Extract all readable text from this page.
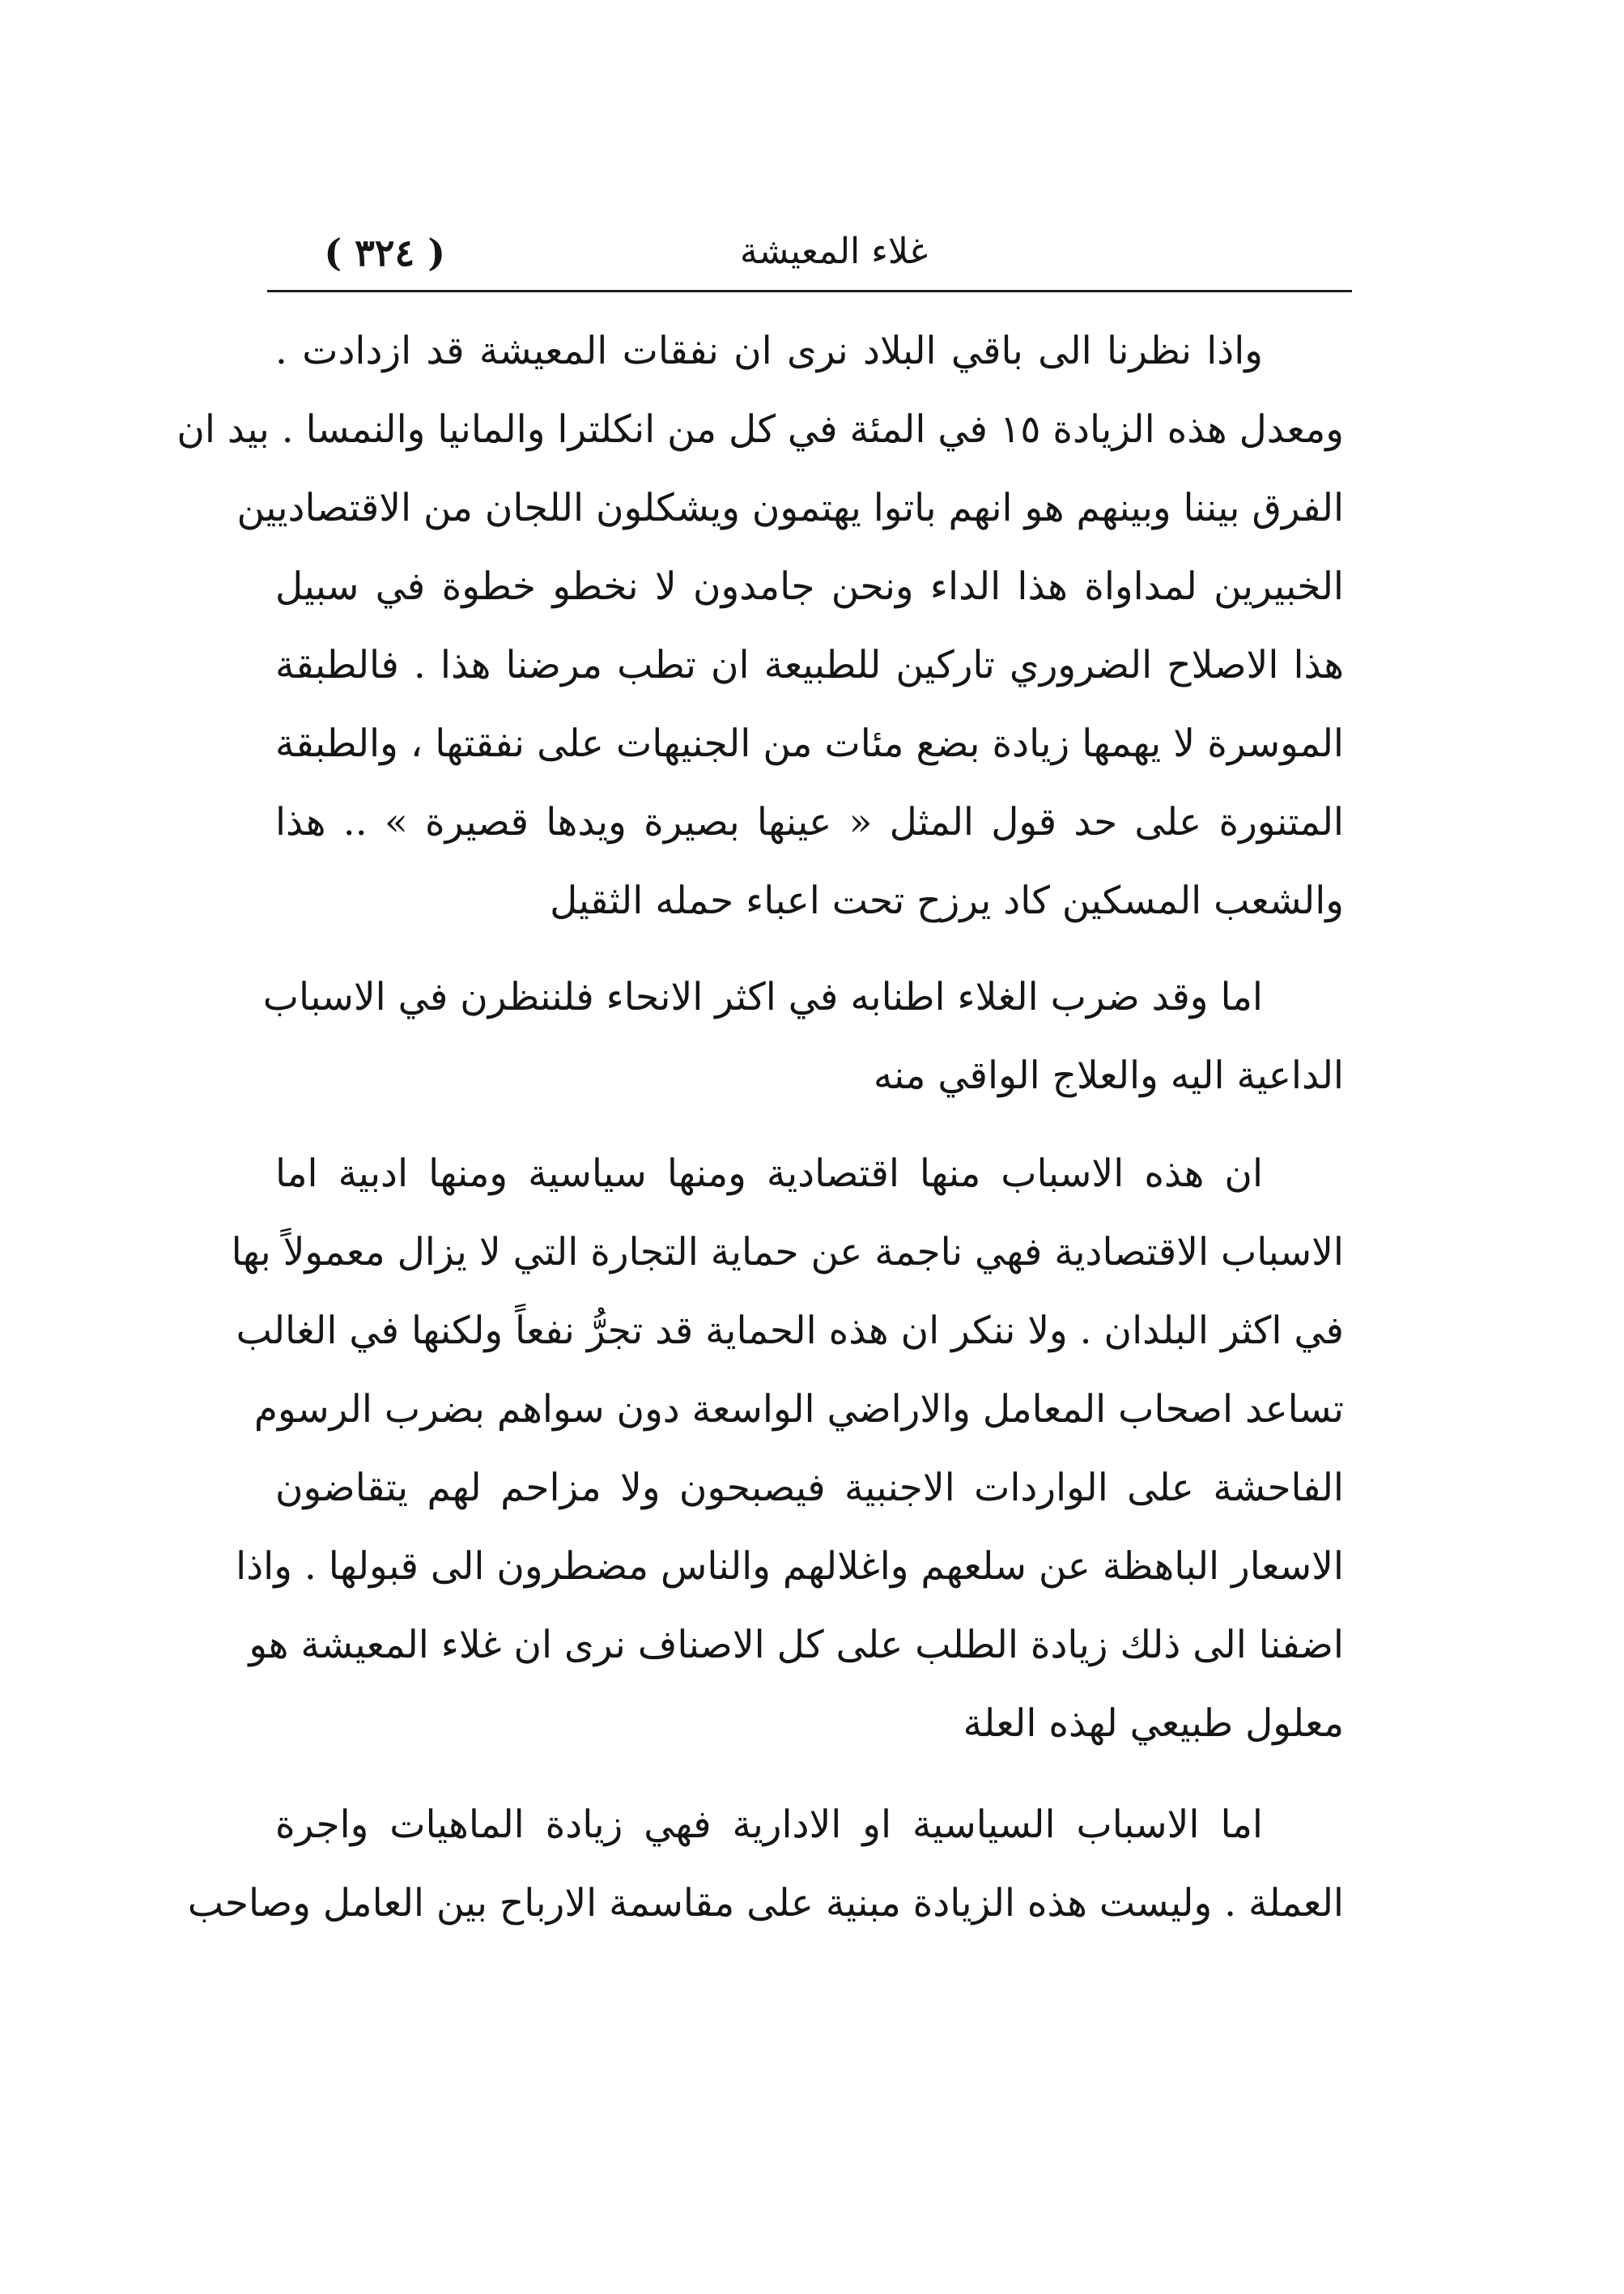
غلاء المعيشة
( ٣٢٤ )
واذا نظرنا الى باقي البلاد نرى ان نفقات المعيشة قد ازدادت .
ومعدل هذه الزيادة ١٥ في المئة في كل من انكلترا والمانيا والنمسا . بيد ان
الفرق بيننا وبينهم هو انهم باتوا يهتمون ويشكلون اللجان من الاقتصاديين
الخبيرين لمداواة هذا الداء ونحن جامدون لا نخطو خطوة في سبيل
هذا الاصلاح الضروري تاركين للطبيعة ان تطب مرضنا هذا . فالطبقة
الموسرة لا يهمها زيادة بضع مئات من الجنيهات على نفقتها ، والطبقة
المتنورة على حد قول المثل « عينها بصيرة ويدها قصيرة » .. هذا
والشعب المسكين كاد يرزح تحت اعباء حمله الثقيل
اما وقد ضرب الغلاء اطنابه في اكثر الانحاء فلننظرن في الاسباب
الداعية اليه والعلاج الواقي منه
ان هذه الاسباب منها اقتصادية ومنها سياسية ومنها ادبية اما
الاسباب الاقتصادية فهي ناجمة عن حماية التجارة التي لا يزال معمولاً بها
في اكثر البلدان . ولا ننكر ان هذه الحماية قد تجرُّ نفعاً ولكنها في الغالب
تساعد اصحاب المعامل والاراضي الواسعة دون سواهم بضرب الرسوم
الفاحشة على الواردات الاجنبية فيصبحون ولا مزاحم لهم يتقاضون
الاسعار الباهظة عن سلعهم واغلالهم والناس مضطرون الى قبولها . واذا
اضفنا الى ذلك زيادة الطلب على كل الاصناف نرى ان غلاء المعيشة هو
معلول طبيعي لهذه العلة
اما الاسباب السياسية او الادارية فهي زيادة الماهيات واجرة
العملة . وليست هذه الزيادة مبنية على مقاسمة الارباح بين العامل وصاحب
